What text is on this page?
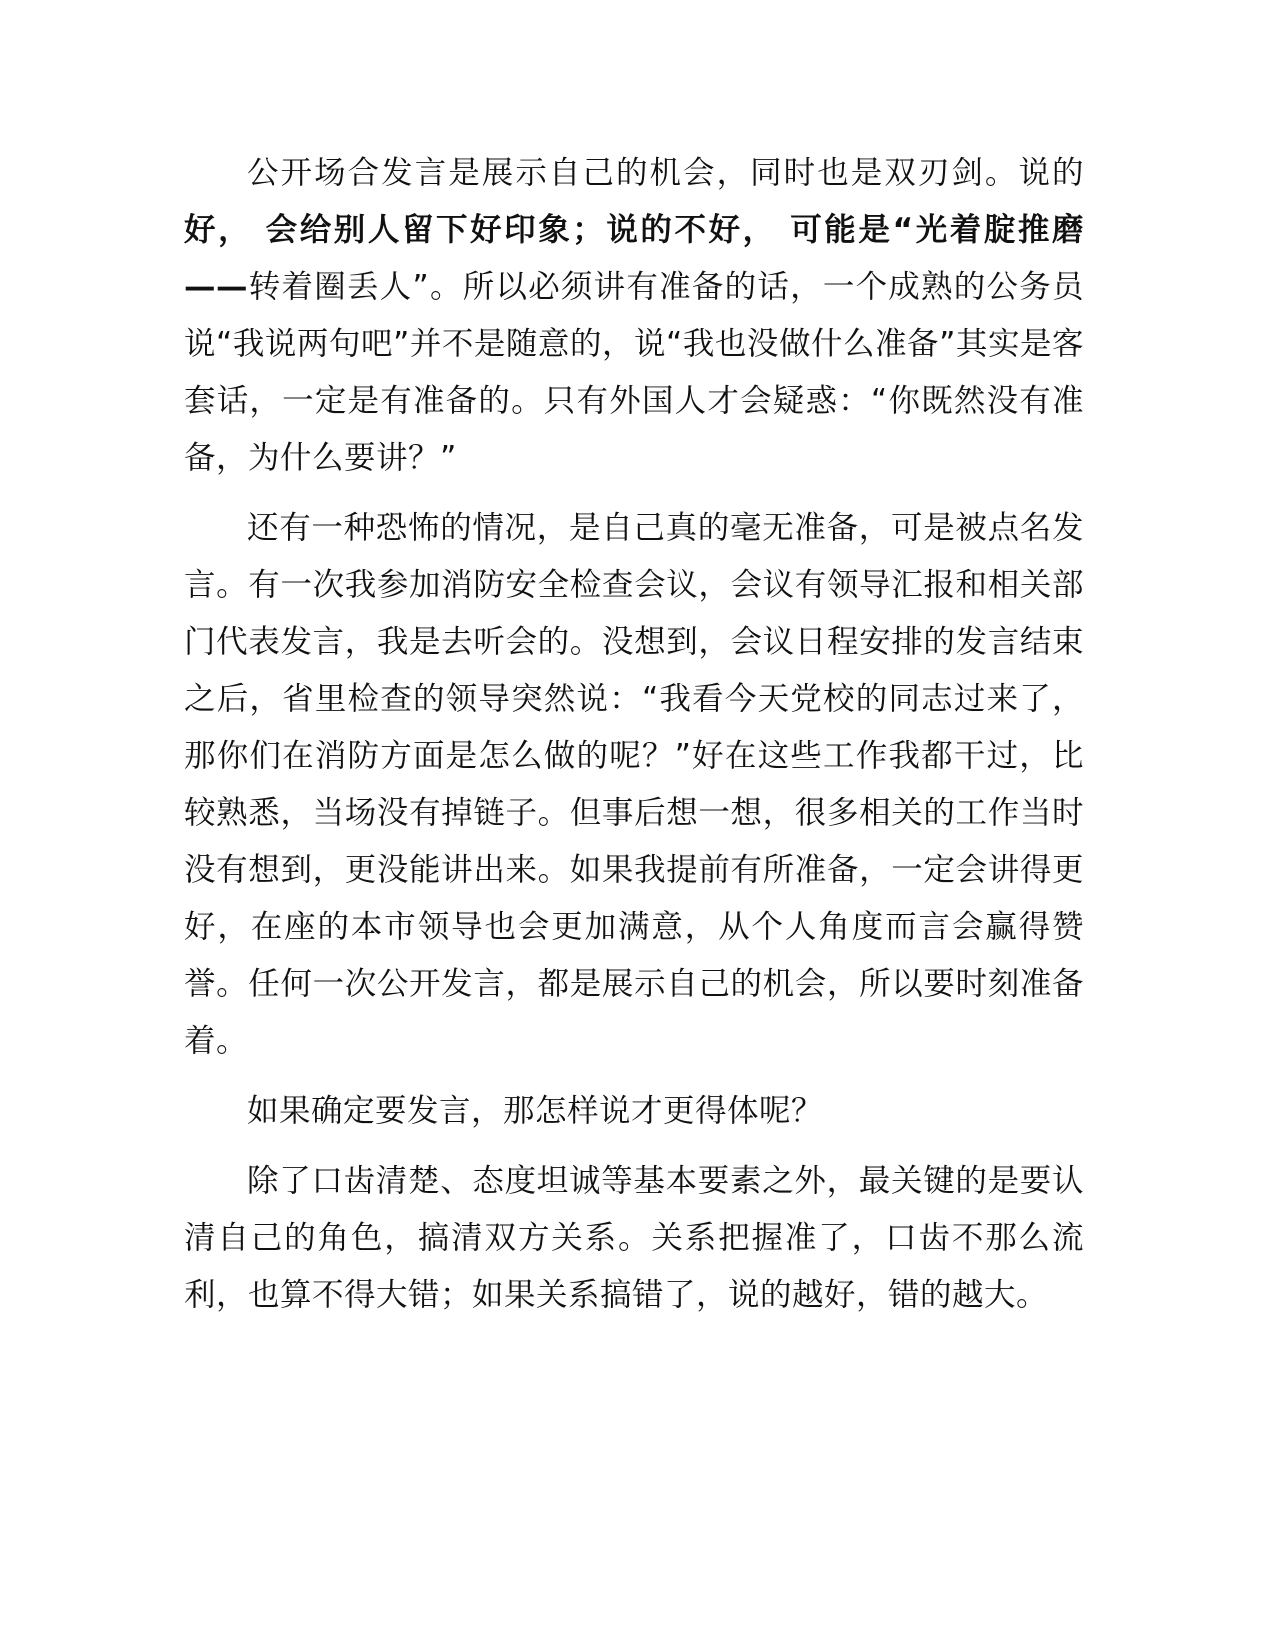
公开场合发言是展示自己的机会，同时也是双刃剑。说的好， 会给别人留下好印象；说的不好， 可能是“光着腚推磨——转着圈丢人”。所以必须讲有准备的话，一个成熟的公务员说“我说两句吧”并不是随意的，说“我也没做什么准备”其实是客套话，一定是有准备的。只有外国人才会疑惑：“你既然没有准备，为什么要讲？”

还有一种恐怖的情况，是自己真的毫无准备，可是被点名发言。有一次我参加消防安全检查会议，会议有领导汇报和相关部门代表发言，我是去听会的。没想到，会议日程安排的发言结束之后，省里检查的领导突然说：“我看今天党校的同志过来了，那你们在消防方面是怎么做的呢？”好在这些工作我都干过，比较熟悉，当场没有掉链子。但事后想一想，很多相关的工作当时没有想到，更没能讲出来。如果我提前有所准备，一定会讲得更好，在座的本市领导也会更加满意，从个人角度而言会赢得赞誉。任何一次公开发言，都是展示自己的机会，所以要时刻准备着。

如果确定要发言，那怎样说才更得体呢？

除了口齿清楚、态度坦诚等基本要素之外，最关键的是要认清自己的角色，搞清双方关系。关系把握准了，口齿不那么流利，也算不得大错；如果关系搞错了，说的越好，错的越大。
